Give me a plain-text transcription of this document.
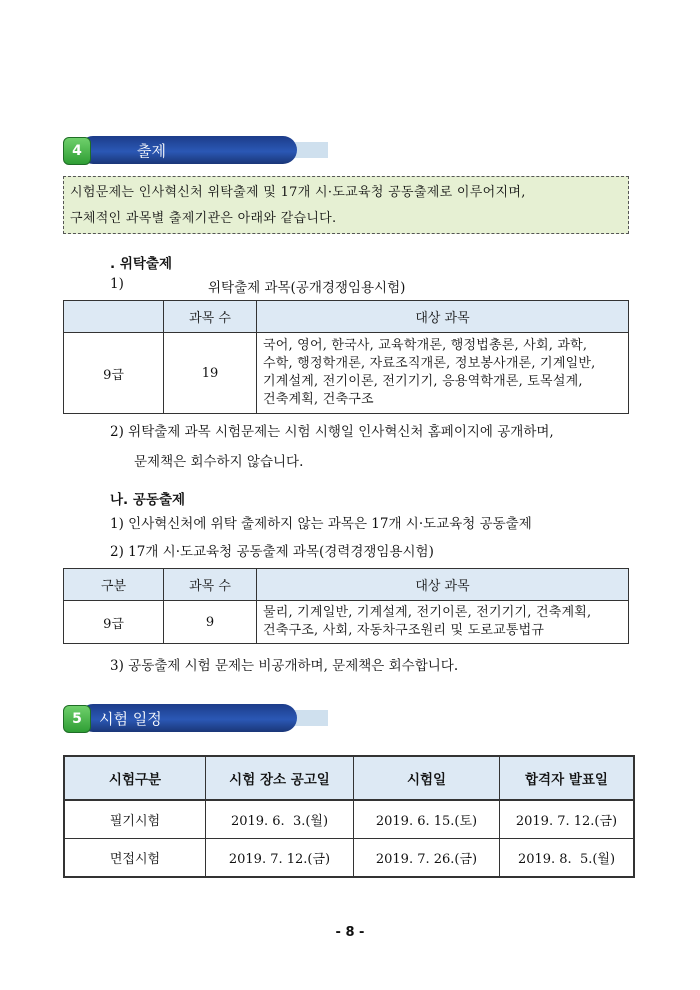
4	출제
시험문제는 인사혁신처 위탁출제 및 17개 시·도교육청 공동출제로 이루어지며,
구체적인 과목별 출제기관은 아래와 같습니다.
. 위탁출제
1)	위탁출제 과목(공개경쟁임용시험)
	과목 수	대상 과목
9급	19	국어, 영어, 한국사, 교육학개론, 행정법총론, 사회, 과학,
수학, 행정학개론, 자료조직개론, 정보봉사개론, 기계일반,
기계설계, 전기이론, 전기기기, 응용역학개론, 토목설계,
건축계획, 건축구조
2) 위탁출제 과목 시험문제는 시험 시행일 인사혁신처 홈페이지에 공개하며,
문제책은 회수하지 않습니다.
나. 공동출제
1) 인사혁신처에 위탁 출제하지 않는 과목은 17개 시·도교육청 공동출제
2) 17개 시·도교육청 공동출제 과목(경력경쟁임용시험)
구분	과목 수	대상 과목
9급	9	물리, 기계일반, 기계설계, 전기이론, 전기기기, 건축계획,
건축구조, 사회, 자동차구조원리 및 도로교통법규
3) 공동출제 시험 문제는 비공개하며, 문제책은 회수합니다.
5	시험 일정
시험구분	시험 장소 공고일	시험일	합격자 발표일
필기시험	2019. 6.  3.(월)	2019. 6. 15.(토)	2019. 7. 12.(금)
면접시험	2019. 7. 12.(금)	2019. 7. 26.(금)	2019. 8.  5.(월)
- 8 -
